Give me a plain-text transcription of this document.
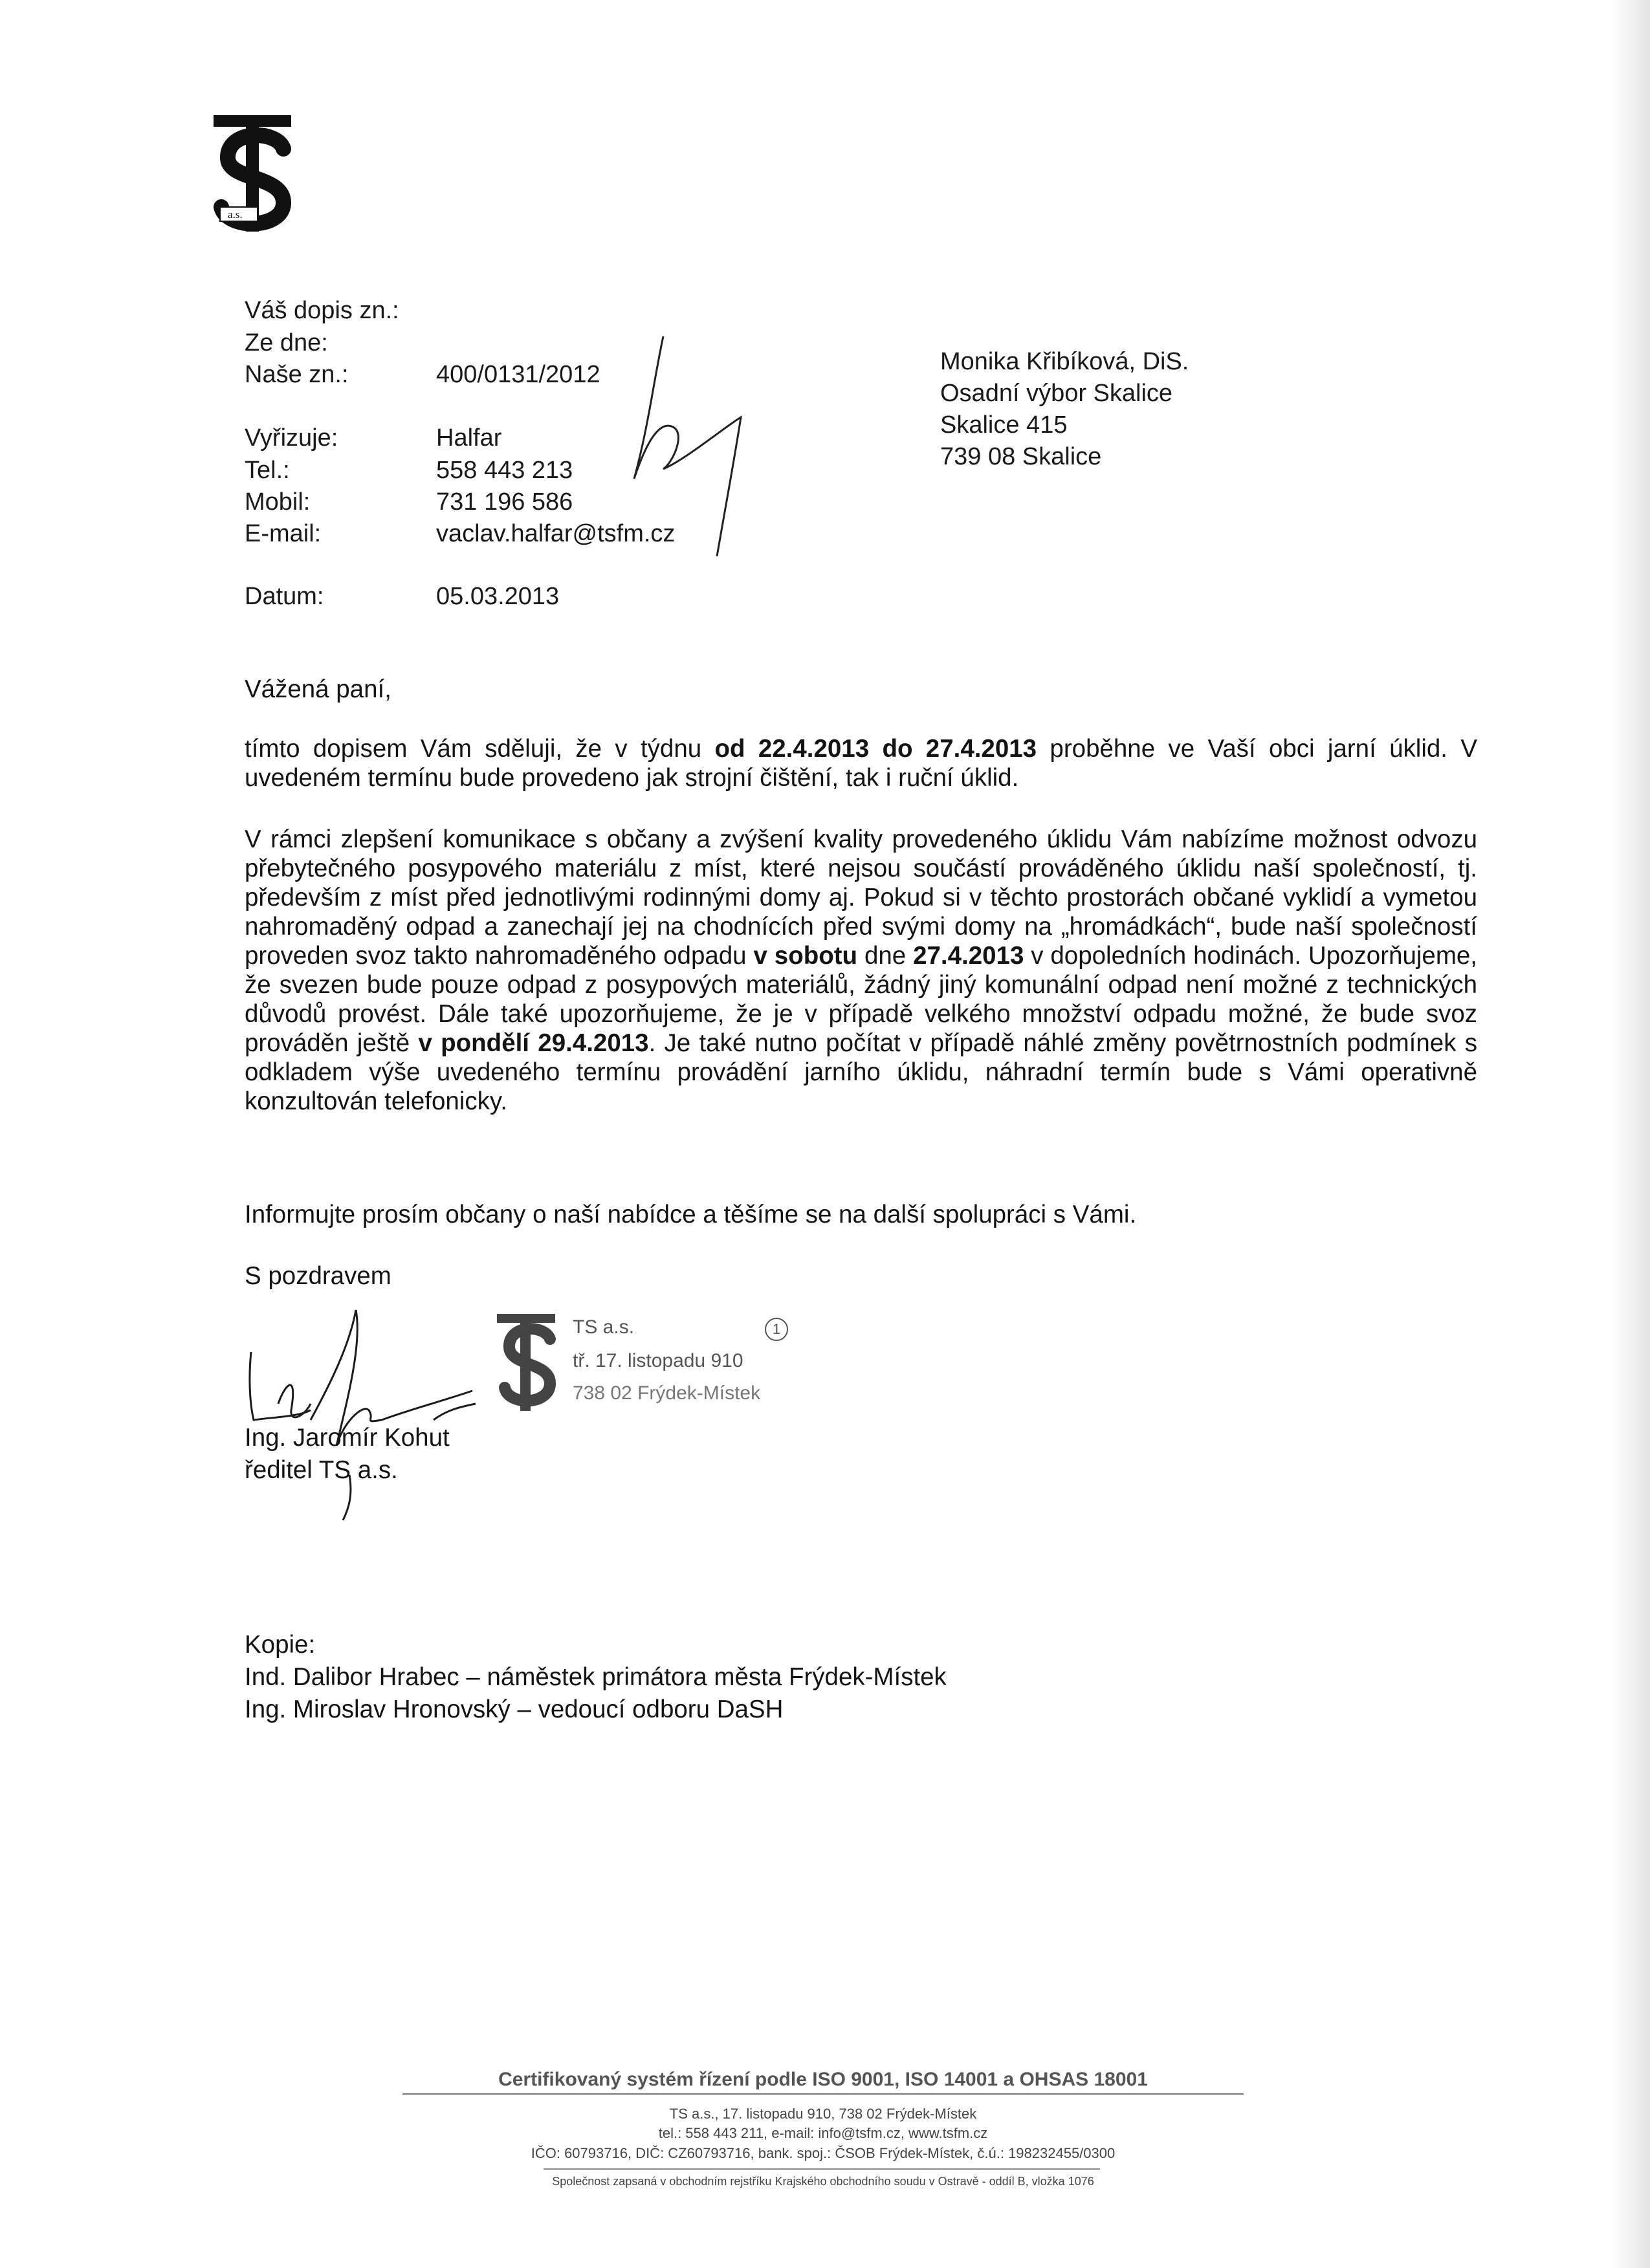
a.s.
Váš dopis zn.:
Ze dne:
Naše zn.:	400/0131/2012
Vyřizuje:	Halfar
Tel.:	558 443 213
Mobil:	731 196 586
E-mail:	vaclav.halfar@tsfm.cz
Datum:	05.03.2013
Monika Křibíková, DiS.
Osadní výbor Skalice
Skalice 415
739 08 Skalice
Vážená paní,
tímto dopisem Vám sděluji, že v týdnu od 22.4.2013 do 27.4.2013 proběhne ve Vaší obci jarní úklid. V uvedeném termínu bude provedeno jak strojní čištění, tak i ruční úklid.
V rámci zlepšení komunikace s občany a zvýšení kvality provedeného úklidu Vám nabízíme možnost odvozu přebytečného posypového materiálu z míst, které nejsou součástí prováděného úklidu naší společností, tj. především z míst před jednotlivými rodinnými domy aj. Pokud si v těchto prostorách občané vyklidí a vymetou nahromaděný odpad a zanechají jej na chodnících před svými domy na „hromádkách“, bude naší společností proveden svoz takto nahromaděného odpadu v sobotu dne 27.4.2013 v dopoledních hodinách. Upozorňujeme, že svezen bude pouze odpad z posypových materiálů, žádný jiný komunální odpad není možné z technických důvodů provést. Dále také upozorňujeme, že je v případě velkého množství odpadu možné, že bude svoz prováděn ještě v pondělí 29.4.2013. Je také nutno počítat v případě náhlé změny povětrnostních podmínek s odkladem výše uvedeného termínu provádění jarního úklidu, náhradní termín bude s Vámi operativně konzultován telefonicky.
Informujte prosím občany o naší nabídce a těšíme se na další spolupráci s Vámi.
S pozdravem
Ing. Jaromír Kohut
ředitel TS a.s.
TS a.s.	1
tř. 17. listopadu 910
738 02 Frýdek-Místek
Kopie:
Ind. Dalibor Hrabec – náměstek primátora města Frýdek-Místek
Ing. Miroslav Hronovský – vedoucí odboru DaSH
Certifikovaný systém řízení podle ISO 9001, ISO 14001 a OHSAS 18001
TS a.s., 17. listopadu 910, 738 02 Frýdek-Místek
tel.: 558 443 211, e-mail: info@tsfm.cz, www.tsfm.cz
IČO: 60793716, DIČ: CZ60793716, bank. spoj.: ČSOB Frýdek-Místek, č.ú.: 198232455/0300
Společnost zapsaná v obchodním rejstříku Krajského obchodního soudu v Ostravě - oddíl B, vložka 1076
